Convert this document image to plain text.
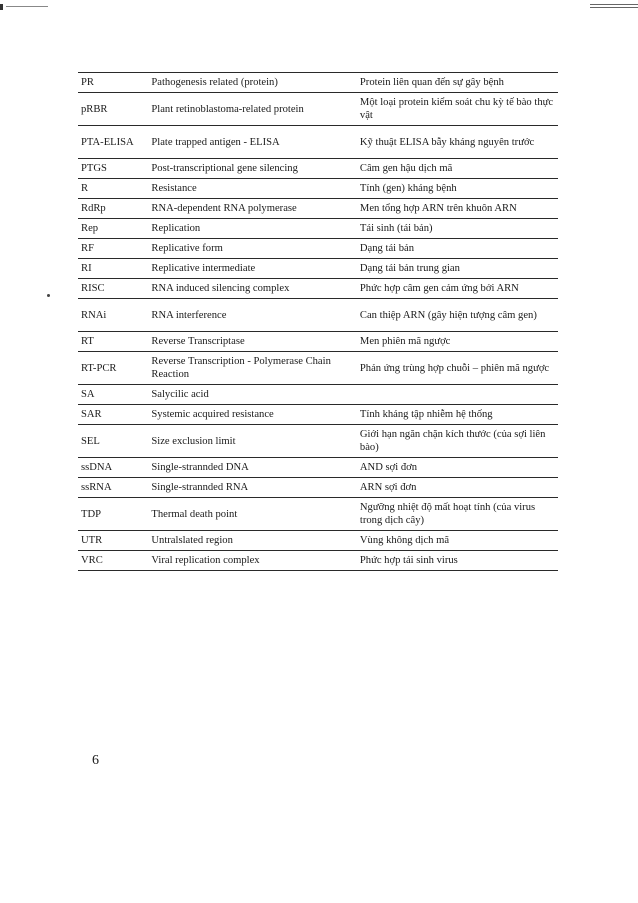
PR	Pathogenesis related (protein)	Protein liên quan đến sự gây bệnh
pRBR	Plant retinoblastoma-related protein	Một loại protein kiểm soát chu kỳ tế bào thực vật
PTA-ELISA	Plate trapped antigen - ELISA	Kỹ thuật ELISA bẫy kháng nguyên trước
PTGS	Post-transcriptional gene silencing	Câm gen hậu dịch mã
R	Resistance	Tính (gen) kháng bệnh
RdRp	RNA-dependent RNA polymerase	Men tổng hợp ARN trên khuôn ARN
Rep	Replication	Tái sinh (tái bản)
RF	Replicative form	Dạng tái bản
RI	Replicative intermediate	Dạng tái bản trung gian
RISC	RNA induced silencing complex	Phức hợp câm gen cảm ứng bởi ARN
RNAi	RNA interference	Can thiệp ARN (gây hiện tượng câm gen)
RT	Reverse Transcriptase	Men phiên mã ngược
RT-PCR	Reverse Transcription - Polymerase Chain Reaction	Phản ứng trùng hợp chuỗi – phiên mã ngược
SA	Salycilic acid	
SAR	Systemic acquired resistance	Tính kháng tập nhiễm hệ thống
SEL	Size exclusion limit	Giới hạn ngăn chặn kích thước (của sợi liên bào)
ssDNA	Single-strannded DNA	AND sợi đơn
ssRNA	Single-strannded RNA	ARN sợi đơn
TDP	Thermal death point	Ngưỡng nhiệt độ mất hoạt tính (của virus trong dịch cây)
UTR	Untralslated region	Vùng không dịch mã
VRC	Viral replication complex	Phức hợp tái sinh virus
6
